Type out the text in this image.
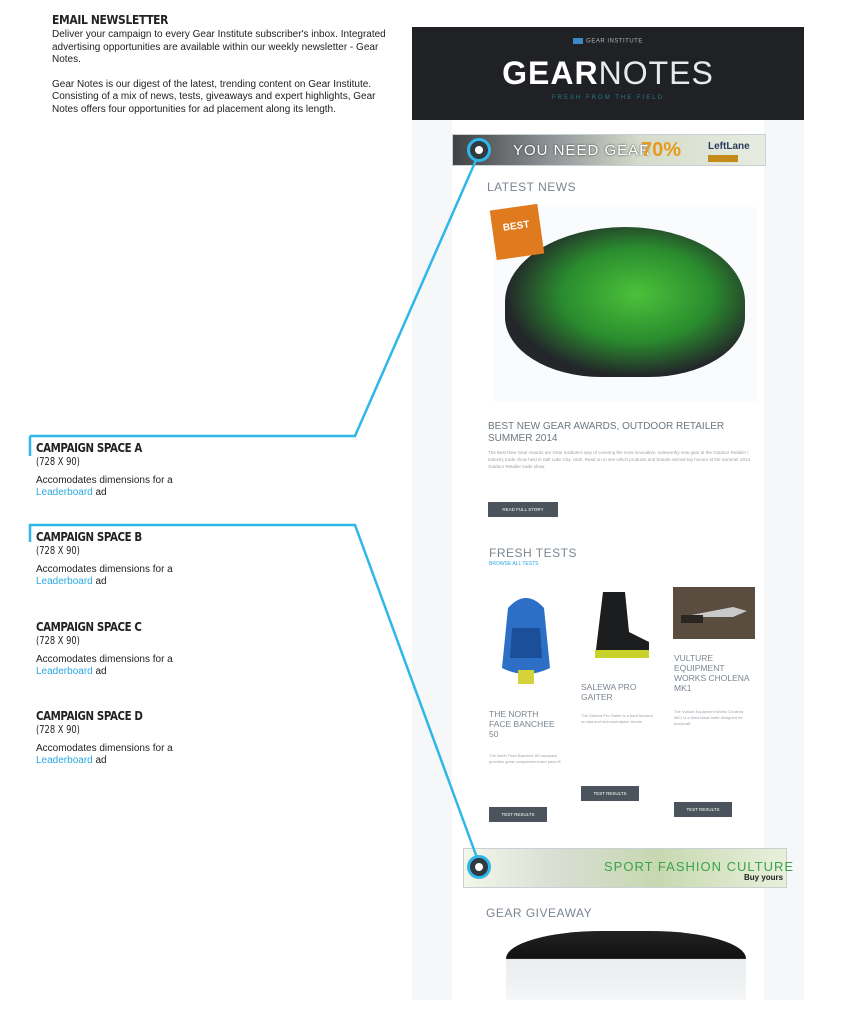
EMAIL NEWSLETTER

Deliver your campaign to every Gear Institute subscriber's inbox. Integrated advertising opportunities are available within our weekly newsletter - Gear Notes.

Gear Notes is our digest of the latest, trending content on Gear Institute. Consisting of a mix of news, tests, giveaways and expert highlights, Gear Notes offers four opportunities for ad placement along its length.

CAMPAIGN SPACE A
(728 X 90)
Accomodates dimensions for a
Leaderboard ad
CAMPAIGN SPACE B
(728 X 90)
Accomodates dimensions for a
Leaderboard ad
CAMPAIGN SPACE C
(728 X 90)
Accomodates dimensions for a
Leaderboard ad
CAMPAIGN SPACE D
(728 X 90)
Accomodates dimensions for a
Leaderboard ad
GEAR INSTITUTE
GEARNOTES
FRESH FROM THE FIELD
YOU NEED GEAR
70%	LeftLane
LATEST NEWS
BEST
BEST NEW GEAR AWARDS, OUTDOOR RETAILER SUMMER 2014
The Best New Gear Awards are Gear Institute's way of covering the most innovative, noteworthy new gear at the Outdoor Retailer / industry trade show held in Salt Lake City, Utah. Read on to see which products and brands earned top honors at the Summer 2014 Outdoor Retailer trade show.
READ FULL STORY
FRESH TESTS
BROWSE ALL TESTS
THE NORTH FACE BANCHEE 50
The North Face Banchee 50 backpack provides great compartment and pack-fit
TEST RESULTS
SALEWA PRO GAITER
The Salewa Pro Gaiter is a boot focused on fast and technical alpine terrain
TEST RESULTS
VULTURE EQUIPMENT WORKS CHOLENA MK1
The Vulture Equipment Works Cholena MK1 is a fixed blade knife designed for bushcraft
TEST RESULTS
SPORT FASHION CULTURE
Buy yours
GEAR GIVEAWAY
